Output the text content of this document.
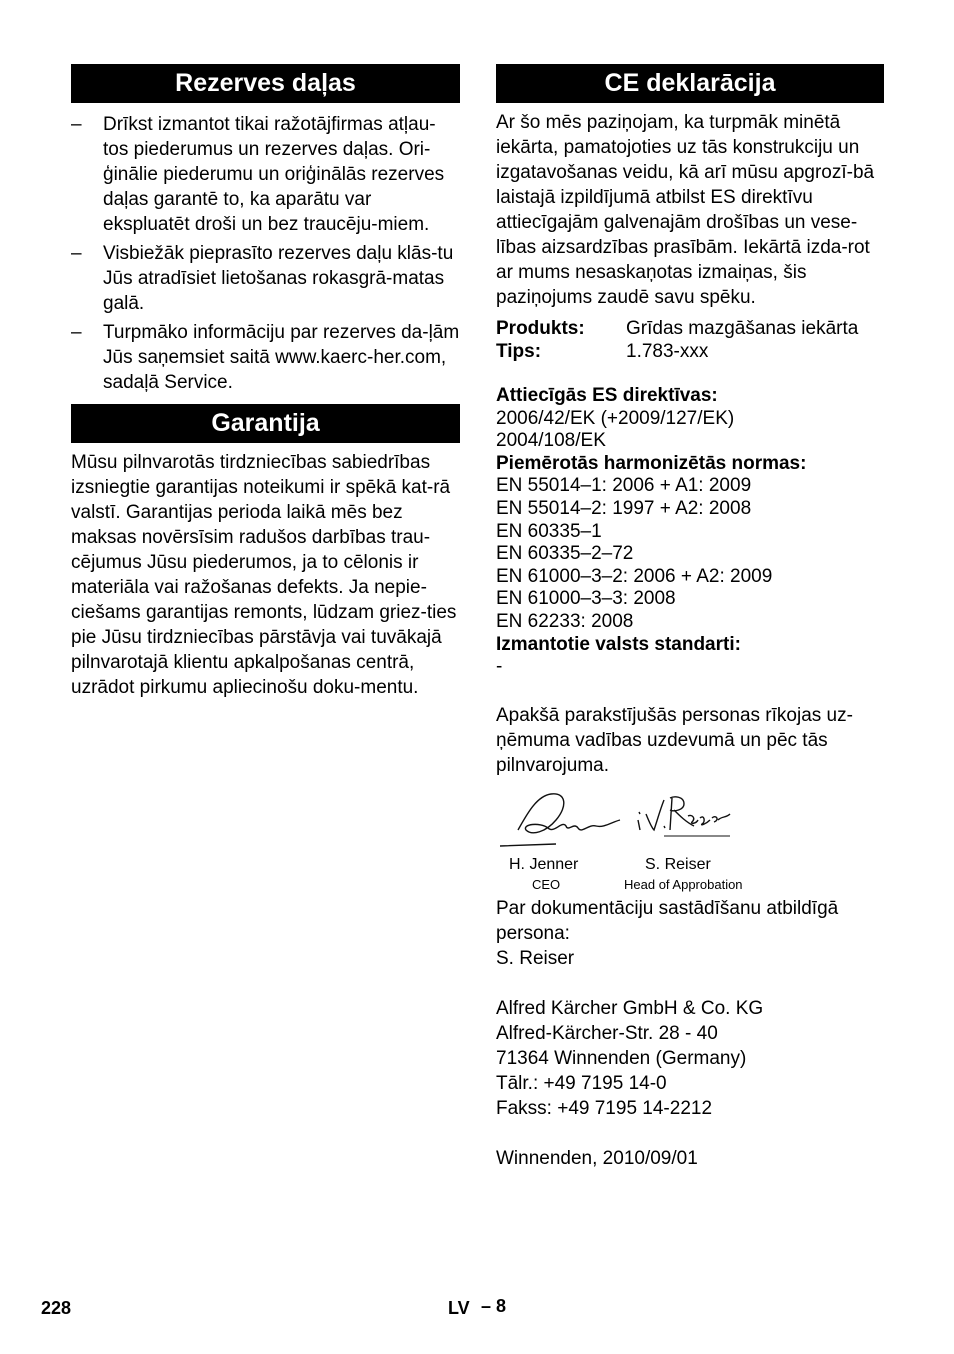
Rezerves daļas
– Drīkst izmantot tikai ražotājfirmas atļau-tos piederumus un rezerves daļas. Ori-ģinālie piederumu un oriģinālās rezerves daļas garantē to, ka aparātu var ekspluatēt droši un bez traucēju-miem.
– Visbiežāk pieprasīto rezerves daļu klās-tu Jūs atradīsiet lietošanas rokasgrā-matas galā.
– Turpmāko informāciju par rezerves da-ļām Jūs saņemsiet saitā www.kaerc-her.com, sadaļā Service.
Garantija

Mūsu pilnvarotās tirdzniecības sabiedrības izsniegtie garantijas noteikumi ir spēkā kat-rā valstī. Garantijas perioda laikā mēs bez maksas novērsīsim radušos darbības trau-cējumus Jūsu piederumos, ja to cēlonis ir materiāla vai ražošanas defekts. Ja nepie-ciešams garantijas remonts, lūdzam griez-ties pie Jūsu tirdzniecības pārstāvja vai tuvākajā pilnvarotajā klientu apkalpošanas centrā, uzrādot pirkumu apliecinošu doku-mentu.

CE deklarācija

Ar šo mēs paziņojam, ka turpmāk minētā iekārta, pamatojoties uz tās konstrukciju un izgatavošanas veidu, kā arī mūsu apgrozī-bā laistajā izpildījumā atbilst ES direktīvu attiecīgajām galvenajām drošības un vese-lības aizsardzības prasībām. Iekārtā izda-rot ar mums nesaskaņotas izmaiņas, šis paziņojums zaudē savu spēku.

Produkts:	Grīdas mazgāšanas iekārta
Tips:	1.783-xxx
Attiecīgās ES direktīvas:
2006/42/EK (+2009/127/EK)
2004/108/EK
Piemērotās harmonizētās normas:
EN 55014–1: 2006 + A1: 2009
EN 55014–2: 1997 + A2: 2008
EN 60335–1
EN 60335–2–72
EN 61000–3–2: 2006 + A2: 2009
EN 61000–3–3: 2008
EN 62233: 2008
Izmantotie valsts standarti:
-

Apakšā parakstījušās personas rīkojas uz-ņēmuma vadības uzdevumā un pēc tās pilnvarojuma.

H. Jenner
CEO
S. Reiser
Head of Approbation

Par dokumentāciju sastādīšanu atbildīgā persona:

S. Reiser

Alfred Kärcher GmbH & Co. KG

Alfred-Kärcher-Str. 28 - 40

71364 Winnenden (Germany)

Tālr.: +49 7195 14-0

Fakss: +49 7195 14-2212

Winnenden, 2010/09/01

228	LV – 8
